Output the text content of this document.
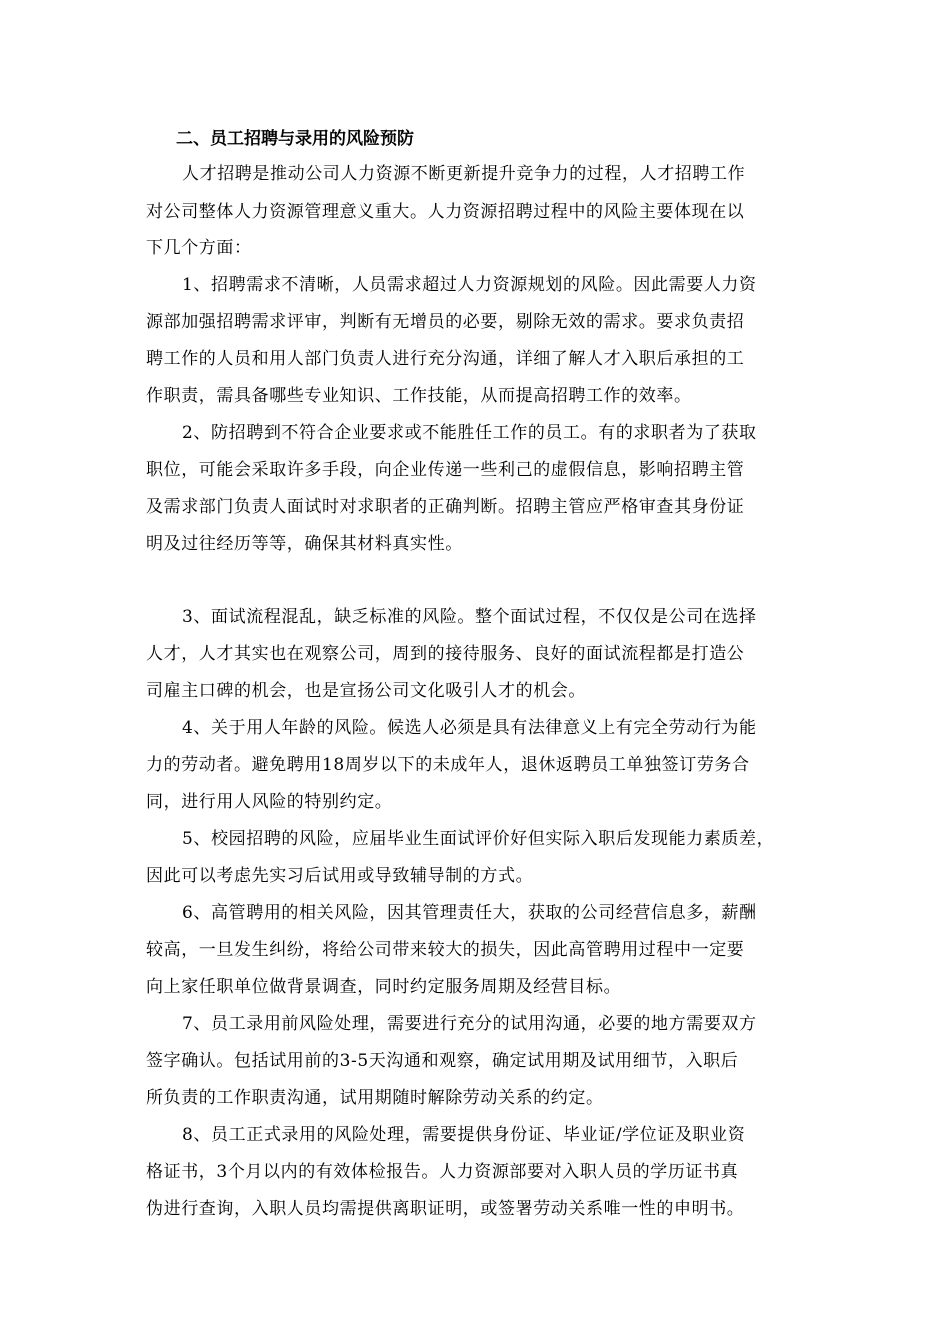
二、员工招聘与录用的风险预防
人才招聘是推动公司人力资源不断更新提升竞争力的过程，人才招聘工作
对公司整体人力资源管理意义重大。人力资源招聘过程中的风险主要体现在以
下几个方面：
1、招聘需求不清晰，人员需求超过人力资源规划的风险。因此需要人力资
源部加强招聘需求评审，判断有无增员的必要，剔除无效的需求。要求负责招
聘工作的人员和用人部门负责人进行充分沟通，详细了解人才入职后承担的工
作职责，需具备哪些专业知识、工作技能，从而提高招聘工作的效率。
2、防招聘到不符合企业要求或不能胜任工作的员工。有的求职者为了获取
职位，可能会采取许多手段，向企业传递一些利己的虚假信息，影响招聘主管
及需求部门负责人面试时对求职者的正确判断。招聘主管应严格审查其身份证
明及过往经历等等，确保其材料真实性。
3、面试流程混乱，缺乏标准的风险。整个面试过程，不仅仅是公司在选择
人才，人才其实也在观察公司，周到的接待服务、良好的面试流程都是打造公
司雇主口碑的机会，也是宣扬公司文化吸引人才的机会。
4、关于用人年龄的风险。候选人必须是具有法律意义上有完全劳动行为能
力的劳动者。避免聘用18周岁以下的未成年人，退休返聘员工单独签订劳务合
同，进行用人风险的特别约定。
5、校园招聘的风险，应届毕业生面试评价好但实际入职后发现能力素质差，
因此可以考虑先实习后试用或导致辅导制的方式。
6、高管聘用的相关风险，因其管理责任大，获取的公司经营信息多，薪酬
较高，一旦发生纠纷，将给公司带来较大的损失，因此高管聘用过程中一定要
向上家任职单位做背景调查，同时约定服务周期及经营目标。
7、员工录用前风险处理，需要进行充分的试用沟通，必要的地方需要双方
签字确认。包括试用前的3-5天沟通和观察，确定试用期及试用细节，入职后
所负责的工作职责沟通，试用期随时解除劳动关系的约定。
8、员工正式录用的风险处理，需要提供身份证、毕业证/学位证及职业资
格证书，3个月以内的有效体检报告。人力资源部要对入职人员的学历证书真
伪进行查询，入职人员均需提供离职证明，或签署劳动关系唯一性的申明书。
